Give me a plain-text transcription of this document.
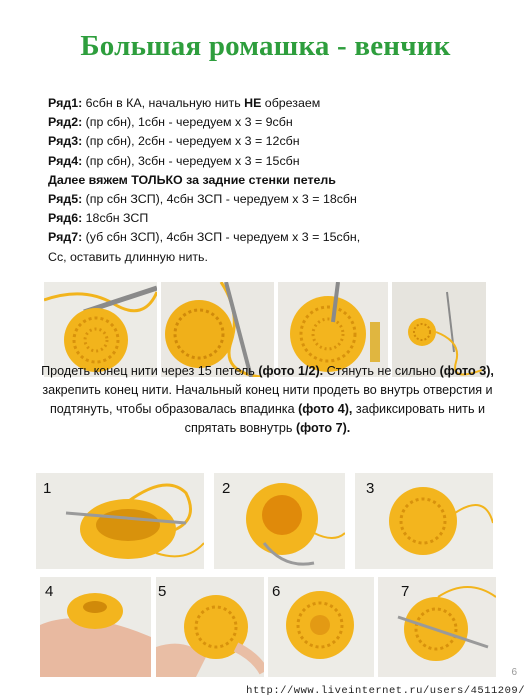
Большая ромашка - венчик
Ряд1: 6сбн в КА, начальную нить НЕ обрезаем
Ряд2: (пр сбн), 1сбн - чередуем х 3 = 9сбн
Ряд3: (пр сбн), 2сбн - чередуем х 3 = 12сбн
Ряд4: (пр сбн), 3сбн - чередуем х 3 = 15сбн
Далее вяжем ТОЛЬКО за задние стенки петель
Ряд5: (пр сбн ЗСП), 4сбн ЗСП - чередуем х 3 = 18сбн
Ряд6: 18сбн ЗСП
Ряд7: (уб сбн ЗСП), 4сбн ЗСП - чередуем х 3 = 15сбн,
Сс, оставить длинную нить.
Продеть конец нити через 15 петель (фото 1/2). Стянуть не сильно (фото 3), закрепить конец нити. Начальный конец нити продеть во внутрь отверстия и подтянуть, чтобы образовалась впадинка (фото 4), зафиксировать нить и спрятать вовнутрь (фото 7).
1	2	3
4	5	6	7
6
http://www.liveinternet.ru/users/4511209/
